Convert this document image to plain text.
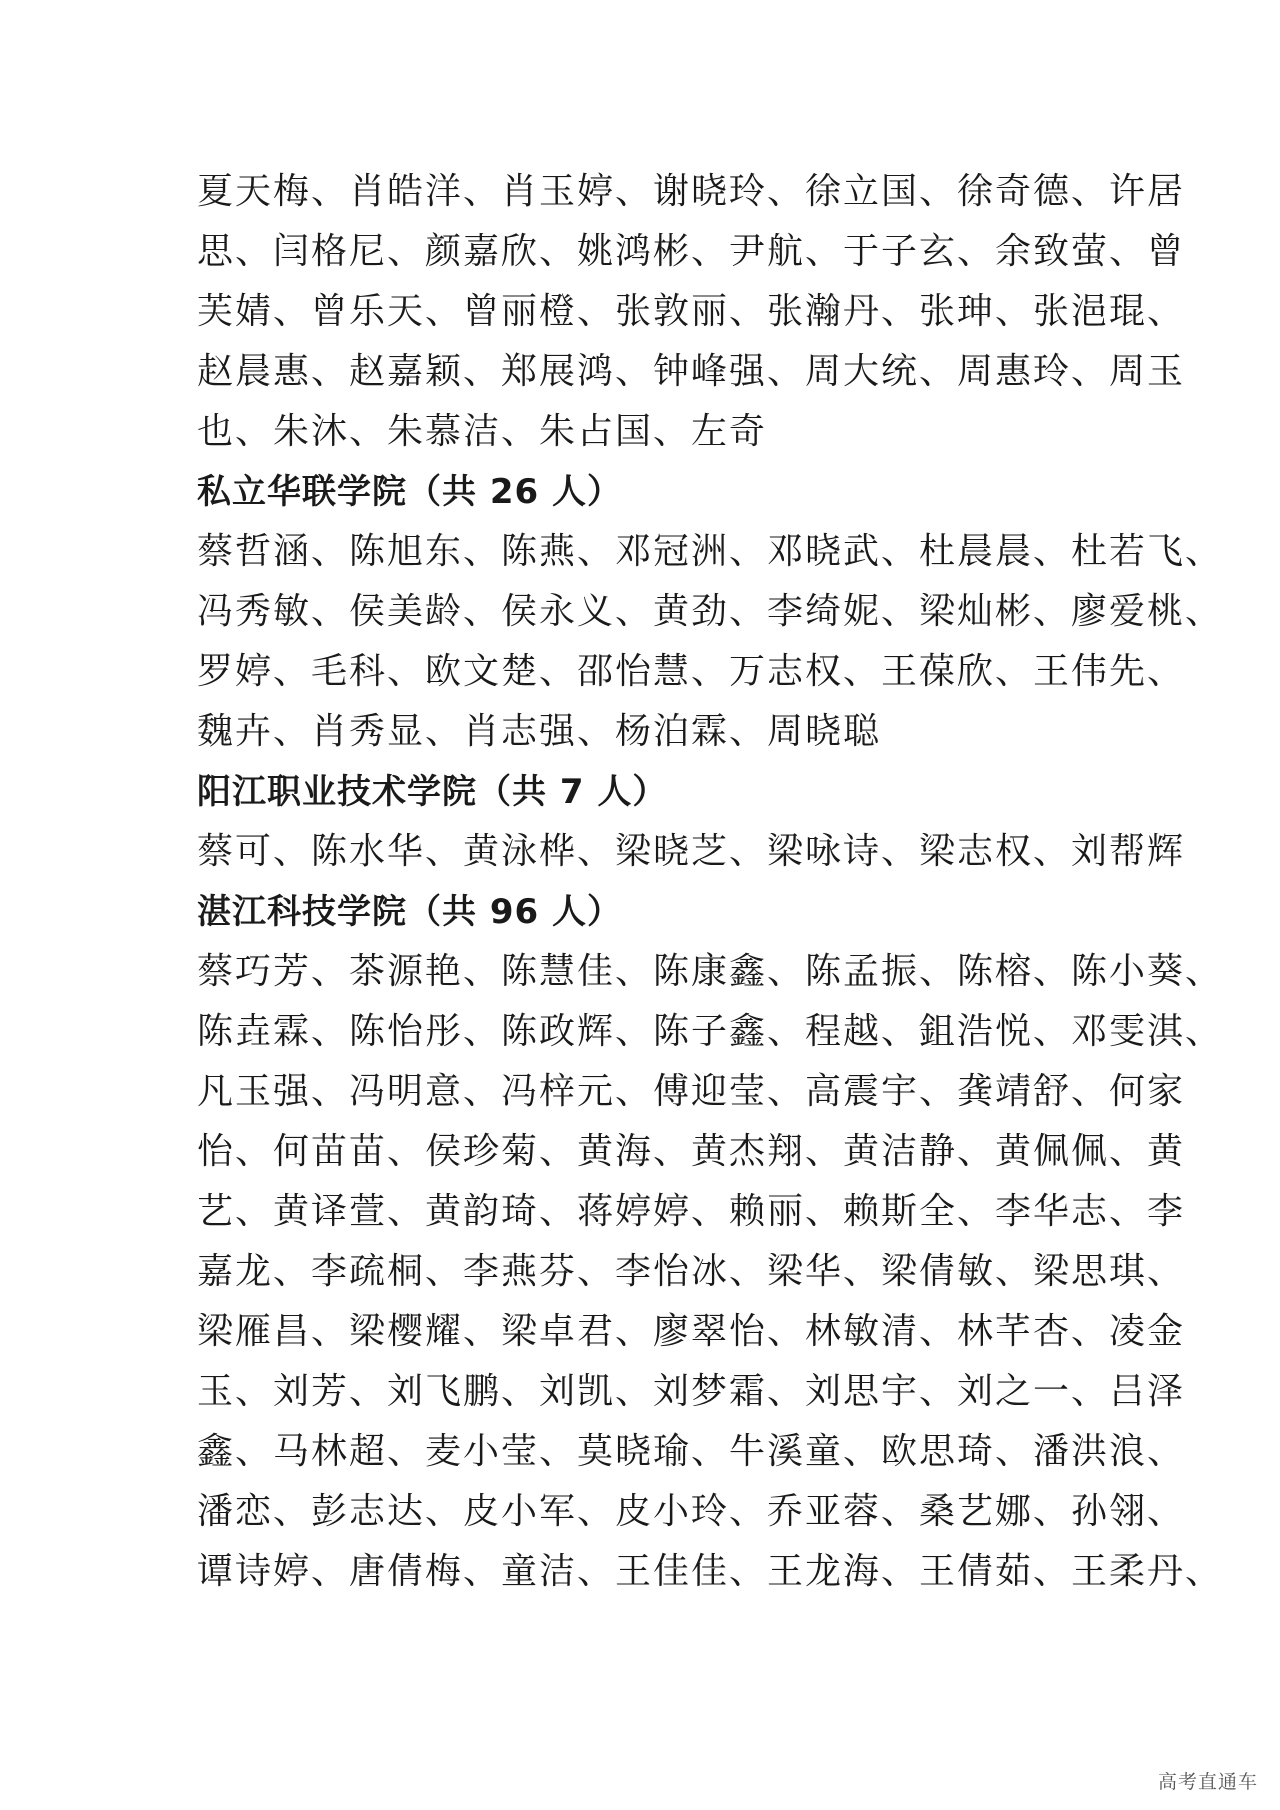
夏天梅、肖皓洋、肖玉婷、谢晓玲、徐立国、徐奇德、许居
思、闫格尼、颜嘉欣、姚鸿彬、尹航、于子玄、余致萤、曾
芙婧、曾乐天、曾丽橙、张敦丽、张瀚丹、张珅、张浥琨、
赵晨惠、赵嘉颖、郑展鸿、钟峰强、周大统、周惠玲、周玉
也、朱沐、朱慕洁、朱占国、左奇
私立华联学院（共 26 人）
蔡哲涵、陈旭东、陈燕、邓冠洲、邓晓武、杜晨晨、杜若飞、
冯秀敏、侯美龄、侯永义、黄劲、李绮妮、梁灿彬、廖爱桃、
罗婷、毛科、欧文楚、邵怡慧、万志权、王葆欣、王伟先、
魏卉、肖秀显、肖志强、杨泊霖、周晓聪
阳江职业技术学院（共 7 人）
蔡可、陈水华、黄泳桦、梁晓芝、梁咏诗、梁志权、刘帮辉
湛江科技学院（共 96 人）
蔡巧芳、茶源艳、陈慧佳、陈康鑫、陈孟振、陈榕、陈小葵、
陈垚霖、陈怡彤、陈政辉、陈子鑫、程越、鉏浩悦、邓雯淇、
凡玉强、冯明意、冯梓元、傅迎莹、高震宇、龚靖舒、何家
怡、何苗苗、侯珍菊、黄海、黄杰翔、黄洁静、黄佩佩、黄
艺、黄译萱、黄韵琦、蒋婷婷、赖丽、赖斯全、李华志、李
嘉龙、李疏桐、李燕芬、李怡冰、梁华、梁倩敏、梁思琪、
梁雁昌、梁樱耀、梁卓君、廖翠怡、林敏清、林芊杏、凌金
玉、刘芳、刘飞鹏、刘凯、刘梦霜、刘思宇、刘之一、吕泽
鑫、马林超、麦小莹、莫晓瑜、牛溪童、欧思琦、潘洪浪、
潘恋、彭志达、皮小军、皮小玲、乔亚蓉、桑艺娜、孙翎、
谭诗婷、唐倩梅、童洁、王佳佳、王龙海、王倩茹、王柔丹、
高考直通车
